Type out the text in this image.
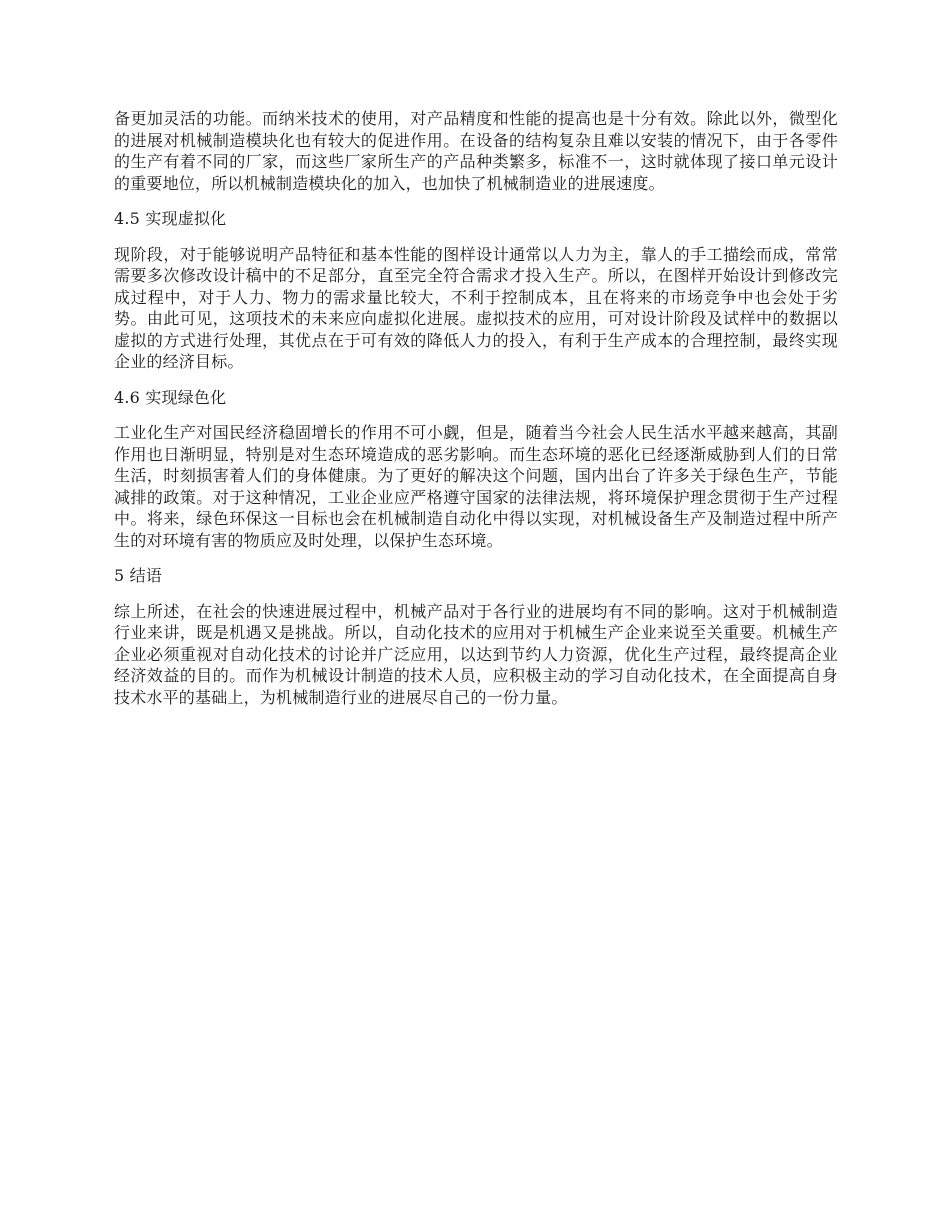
备更加灵活的功能。而纳米技术的使用，对产品精度和性能的提高也是十分有效。除此以外，微型化的进展对机械制造模块化也有较大的促进作用。在设备的结构复杂且难以安装的情况下，由于各零件的生产有着不同的厂家，而这些厂家所生产的产品种类繁多，标准不一，这时就体现了接口单元设计的重要地位，所以机械制造模块化的加入，也加快了机械制造业的进展速度。

4.5 实现虚拟化

现阶段，对于能够说明产品特征和基本性能的图样设计通常以人力为主，靠人的手工描绘而成，常常需要多次修改设计稿中的不足部分，直至完全符合需求才投入生产。所以，在图样开始设计到修改完成过程中，对于人力、物力的需求量比较大，不利于控制成本，且在将来的市场竞争中也会处于劣势。由此可见，这项技术的未来应向虚拟化进展。虚拟技术的应用，可对设计阶段及试样中的数据以虚拟的方式进行处理，其优点在于可有效的降低人力的投入，有利于生产成本的合理控制，最终实现企业的经济目标。

4.6 实现绿色化

工业化生产对国民经济稳固增长的作用不可小觑，但是，随着当今社会人民生活水平越来越高，其副作用也日渐明显，特别是对生态环境造成的恶劣影响。而生态环境的恶化已经逐渐威胁到人们的日常生活，时刻损害着人们的身体健康。为了更好的解决这个问题，国内出台了许多关于绿色生产，节能减排的政策。对于这种情况，工业企业应严格遵守国家的法律法规，将环境保护理念贯彻于生产过程中。将来，绿色环保这一目标也会在机械制造自动化中得以实现，对机械设备生产及制造过程中所产生的对环境有害的物质应及时处理，以保护生态环境。

5 结语

综上所述，在社会的快速进展过程中，机械产品对于各行业的进展均有不同的影响。这对于机械制造行业来讲，既是机遇又是挑战。所以，自动化技术的应用对于机械生产企业来说至关重要。机械生产企业必须重视对自动化技术的讨论并广泛应用，以达到节约人力资源，优化生产过程，最终提高企业经济效益的目的。而作为机械设计制造的技术人员，应积极主动的学习自动化技术，在全面提高自身技术水平的基础上，为机械制造行业的进展尽自己的一份力量。
